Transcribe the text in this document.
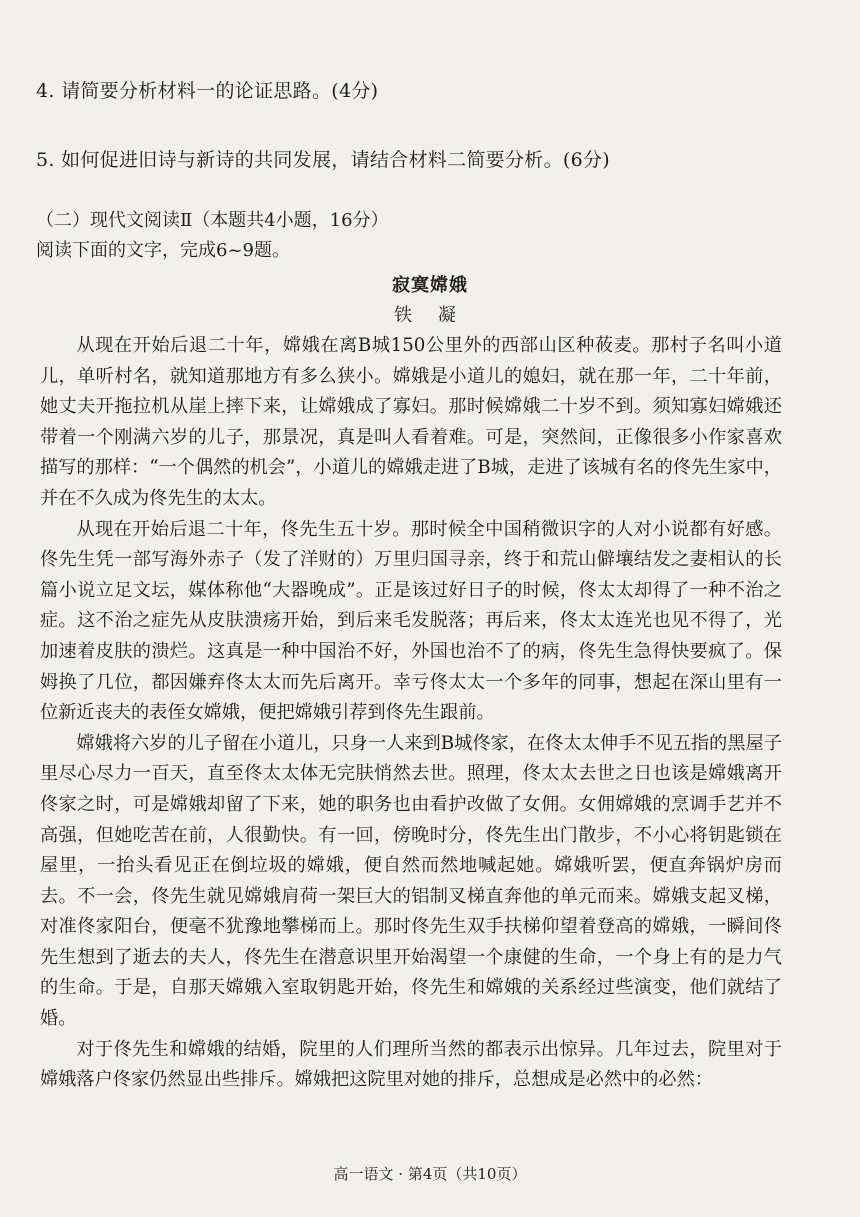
4. 请简要分析材料一的论证思路。(4分)
5. 如何促进旧诗与新诗的共同发展，请结合材料二简要分析。(6分)
（二）现代文阅读Ⅱ（本题共4小题，16分）
阅读下面的文字，完成6~9题。
寂寞嫦娥
铁 凝

从现在开始后退二十年，嫦娥在离B城150公里外的西部山区种莜麦。那村子名叫小道儿，单听村名，就知道那地方有多么狭小。嫦娥是小道儿的媳妇，就在那一年，二十年前，她丈夫开拖拉机从崖上摔下来，让嫦娥成了寡妇。那时候嫦娥二十岁不到。须知寡妇嫦娥还带着一个刚满六岁的儿子，那景况，真是叫人看着难。可是，突然间，正像很多小作家喜欢描写的那样：“一个偶然的机会”，小道儿的嫦娥走进了B城，走进了该城有名的佟先生家中，并在不久成为佟先生的太太。

从现在开始后退二十年，佟先生五十岁。那时候全中国稍微识字的人对小说都有好感。佟先生凭一部写海外赤子（发了洋财的）万里归国寻亲，终于和荒山僻壤结发之妻相认的长篇小说立足文坛，媒体称他“大器晚成”。正是该过好日子的时候，佟太太却得了一种不治之症。这不治之症先从皮肤溃疡开始，到后来毛发脱落；再后来，佟太太连光也见不得了，光加速着皮肤的溃烂。这真是一种中国治不好，外国也治不了的病，佟先生急得快要疯了。保姆换了几位，都因嫌弃佟太太而先后离开。幸亏佟太太一个多年的同事，想起在深山里有一位新近丧夫的表侄女嫦娥，便把嫦娥引荐到佟先生跟前。

嫦娥将六岁的儿子留在小道儿，只身一人来到B城佟家，在佟太太伸手不见五指的黑屋子里尽心尽力一百天，直至佟太太体无完肤悄然去世。照理，佟太太去世之日也该是嫦娥离开佟家之时，可是嫦娥却留了下来，她的职务也由看护改做了女佣。女佣嫦娥的烹调手艺并不高强，但她吃苦在前，人很勤快。有一回，傍晚时分，佟先生出门散步，不小心将钥匙锁在屋里，一抬头看见正在倒垃圾的嫦娥，便自然而然地喊起她。嫦娥听罢，便直奔锅炉房而去。不一会，佟先生就见嫦娥肩荷一架巨大的铝制叉梯直奔他的单元而来。嫦娥支起叉梯，对准佟家阳台，便毫不犹豫地攀梯而上。那时佟先生双手扶梯仰望着登高的嫦娥，一瞬间佟先生想到了逝去的夫人，佟先生在潜意识里开始渴望一个康健的生命，一个身上有的是力气的生命。于是，自那天嫦娥入室取钥匙开始，佟先生和嫦娥的关系经过些演变，他们就结了婚。

对于佟先生和嫦娥的结婚，院里的人们理所当然的都表示出惊异。几年过去，院里对于嫦娥落户佟家仍然显出些排斥。嫦娥把这院里对她的排斥，总想成是必然中的必然：

高一语文 · 第4页（共10页）
